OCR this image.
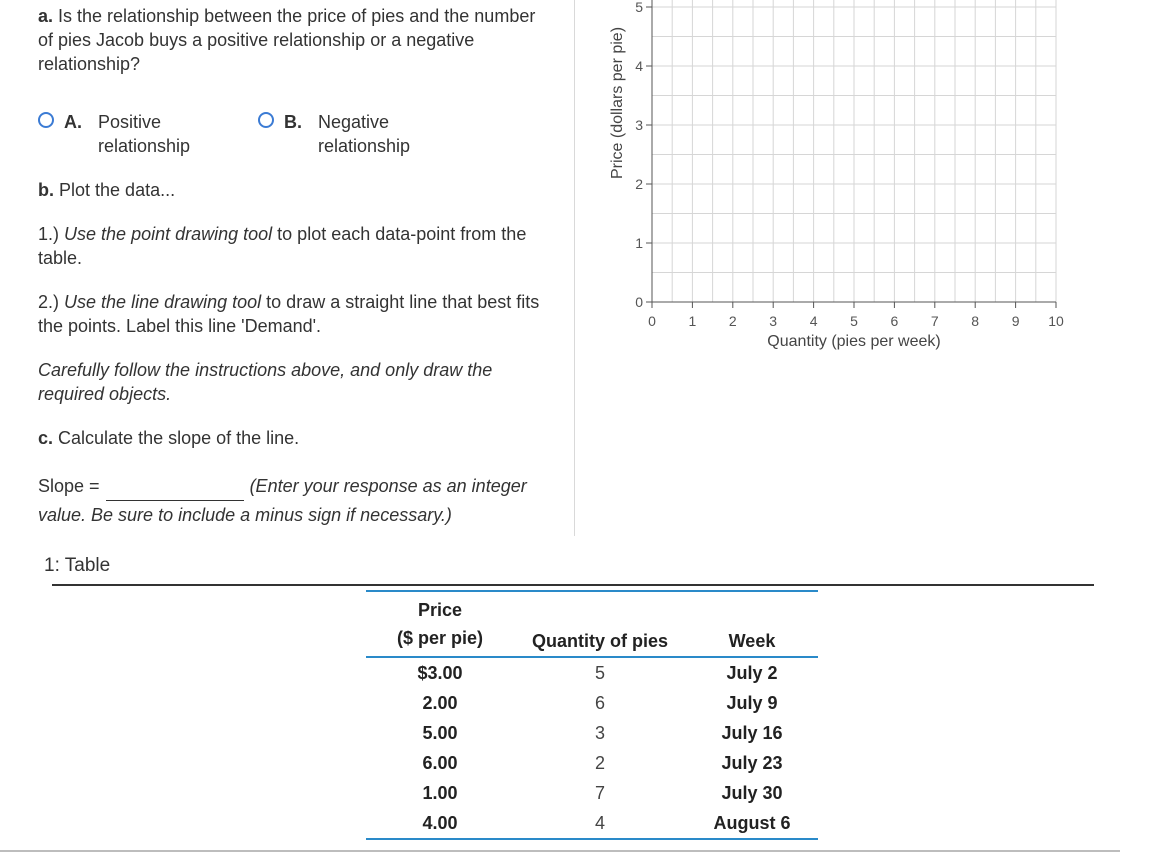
a. Is the relationship between the price of pies and the number of pies Jacob buys a positive relationship or a negative relationship?
A. Positive relationship
B. Negative relationship
b. Plot the data...
1.) Use the point drawing tool to plot each data-point from the table.
2.) Use the line drawing tool to draw a straight line that best fits the points. Label this line 'Demand'.
Carefully follow the instructions above, and only draw the required objects.
c. Calculate the slope of the line.
Slope =	(Enter your response as an integer value. Be sure to include a minus sign if necessary.)
0 1 2 3 4 5 6 7 8 9 10
0
1
2
3
4
5
Quantity (pies per week)
Price (dollars per pie)
1: Table
Price
($ per pie)	Quantity of pies	Week
$3.00	5	July 2
2.00	6	July 9
5.00	3	July 16
6.00	2	July 23
1.00	7	July 30
4.00	4	August 6
